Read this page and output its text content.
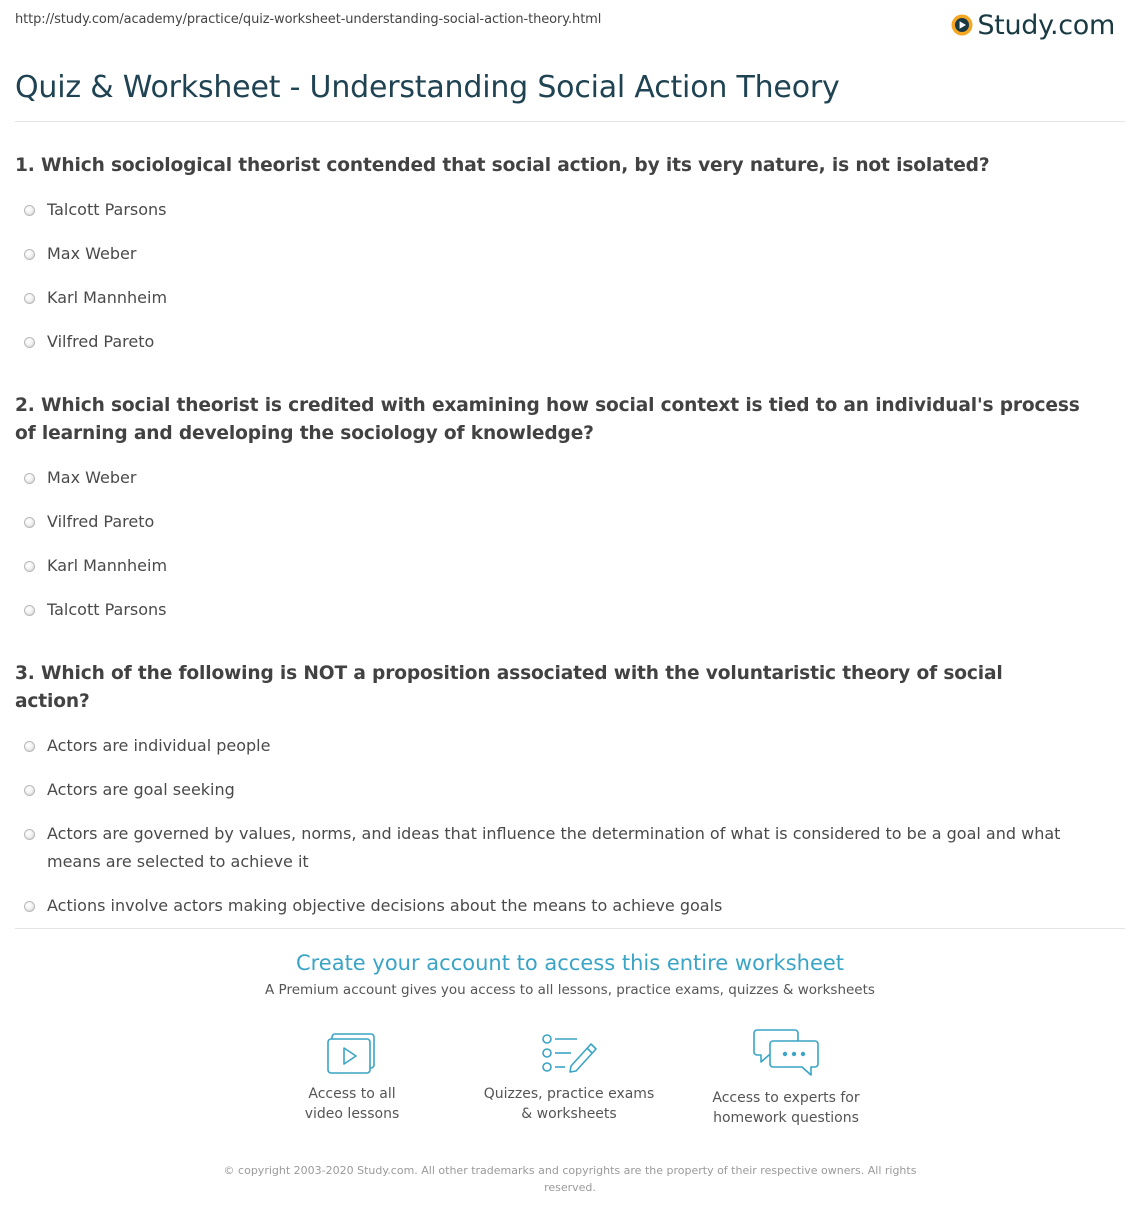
http://study.com/academy/practice/quiz-worksheet-understanding-social-action-theory.html	Study.com
Quiz & Worksheet - Understanding Social Action Theory

1. Which sociological theorist contended that social action, by its very nature, is not isolated?

Talcott Parsons
Max Weber
Karl Mannheim
Vilfred Pareto

2. Which social theorist is credited with examining how social context is tied to an individual's process of learning and developing the sociology of knowledge?

Max Weber
Vilfred Pareto
Karl Mannheim
Talcott Parsons

3. Which of the following is NOT a proposition associated with the voluntaristic theory of social action?

Actors are individual people
Actors are goal seeking
Actors are governed by values, norms, and ideas that influence the determination of what is considered to be a goal and what means are selected to achieve it
Actions involve actors making objective decisions about the means to achieve goals
Create your account to access this entire worksheet

A Premium account gives you access to all lessons, practice exams, quizzes & worksheets

Access to all
video lessons
Quizzes, practice exams
& worksheets
Access to experts for
homework questions
© copyright 2003-2020 Study.com. All other trademarks and copyrights are the property of their respective owners. All rights
reserved.
